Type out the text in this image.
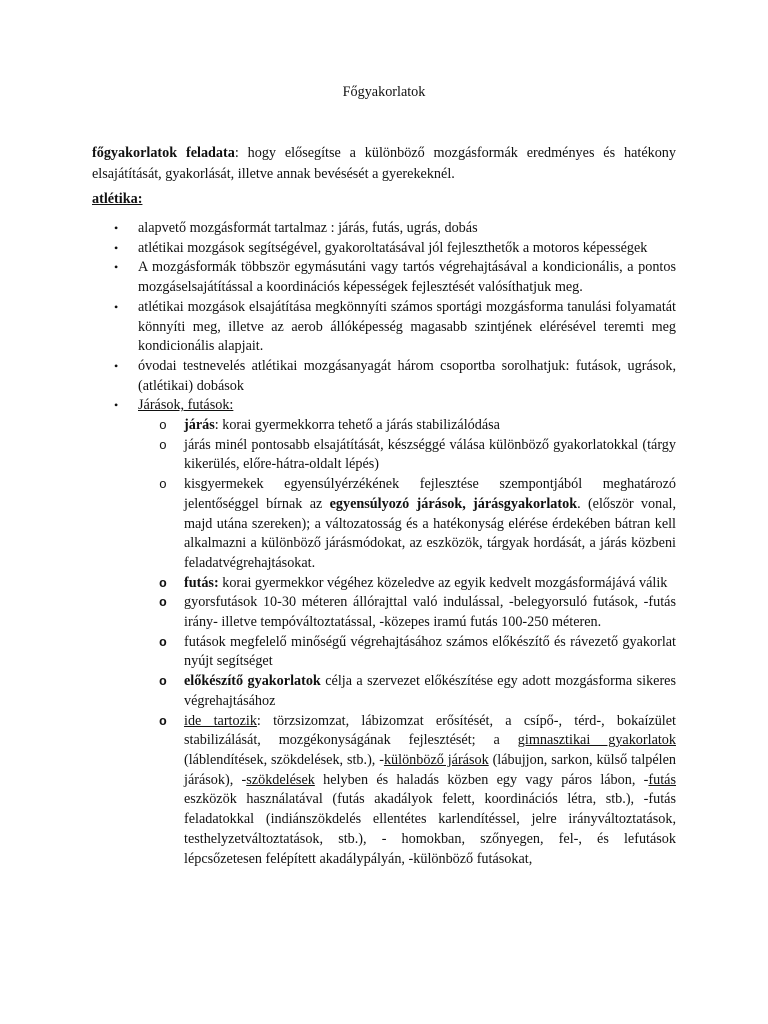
Főgyakorlatok
főgyakorlatok feladata: hogy elősegítse a különböző mozgásformák eredményes és hatékony elsajátítását, gyakorlását, illetve annak bevésését a gyerekeknél.
atlétika:
• alapvető mozgásformát tartalmaz : járás, futás, ugrás, dobás
• atlétikai mozgások segítségével, gyakoroltatásával jól fejleszthetők a motoros képességek
• A mozgásformák többször egymásutáni vagy tartós végrehajtásával a kondicionális, a pontos mozgáselsajátítással a koordinációs képességek fejlesztését valósíthatjuk meg.
• atlétikai mozgások elsajátítása megkönnyíti számos sportági mozgásforma tanulási folyamatát könnyíti meg, illetve az aerob állóképesség magasabb szintjének elérésével teremti meg kondicionális alapjait.
• óvodai testnevelés atlétikai mozgásanyagát három csoportba sorolhatjuk: futások, ugrások, (atlétikai) dobások
• Járások, futások:
o járás: korai gyermekkorra tehető a járás stabilizálódása
o járás minél pontosabb elsajátítását, készséggé válása különböző gyakorlatokkal (tárgy kikerülés, előre-hátra-oldalt lépés)
o kisgyermekek egyensúlyérzékének fejlesztése szempontjából meghatározó jelentőséggel bírnak az egyensúlyozó járások, járásgyakorlatok. (először vonal, majd utána szereken); a változatosság és a hatékonyság elérése érdekében bátran kell alkalmazni a különböző járásmódokat, az eszközök, tárgyak hordását, a járás közbeni feladatvégrehajtásokat.
o futás: korai gyermekkor végéhez közeledve az egyik kedvelt mozgásformájává válik
o gyorsfutások 10-30 méteren állórajttal való indulással, -belegyorsuló futások, -futás irány- illetve tempóváltoztatással, -közepes iramú futás 100-250 méteren.
o futások megfelelő minőségű végrehajtásához számos előkészítő és rávezető gyakorlat nyújt segítséget
o előkészítő gyakorlatok célja a szervezet előkészítése egy adott mozgásforma sikeres végrehajtásához
o ide tartozik: törzsizomzat, lábizomzat erősítését, a csípő-, térd-, bokaízület stabilizálását, mozgékonyságának fejlesztését; a gimnasztikai gyakorlatok (láblendítések, szökdelések, stb.), -különböző járások (lábujjon, sarkon, külső talpélen járások), -szökdelések helyben és haladás közben egy vagy páros lábon, -futás eszközök használatával (futás akadályok felett, koordinációs létra, stb.), -futás feladatokkal (indiánszökdelés ellentétes karlendítéssel, jelre irányváltoztatások, testhelyzetváltoztatások, stb.), - homokban, szőnyegen, fel-, és lefutások lépcsőzetesen felépített akadálypályán, -különböző futásokat,
